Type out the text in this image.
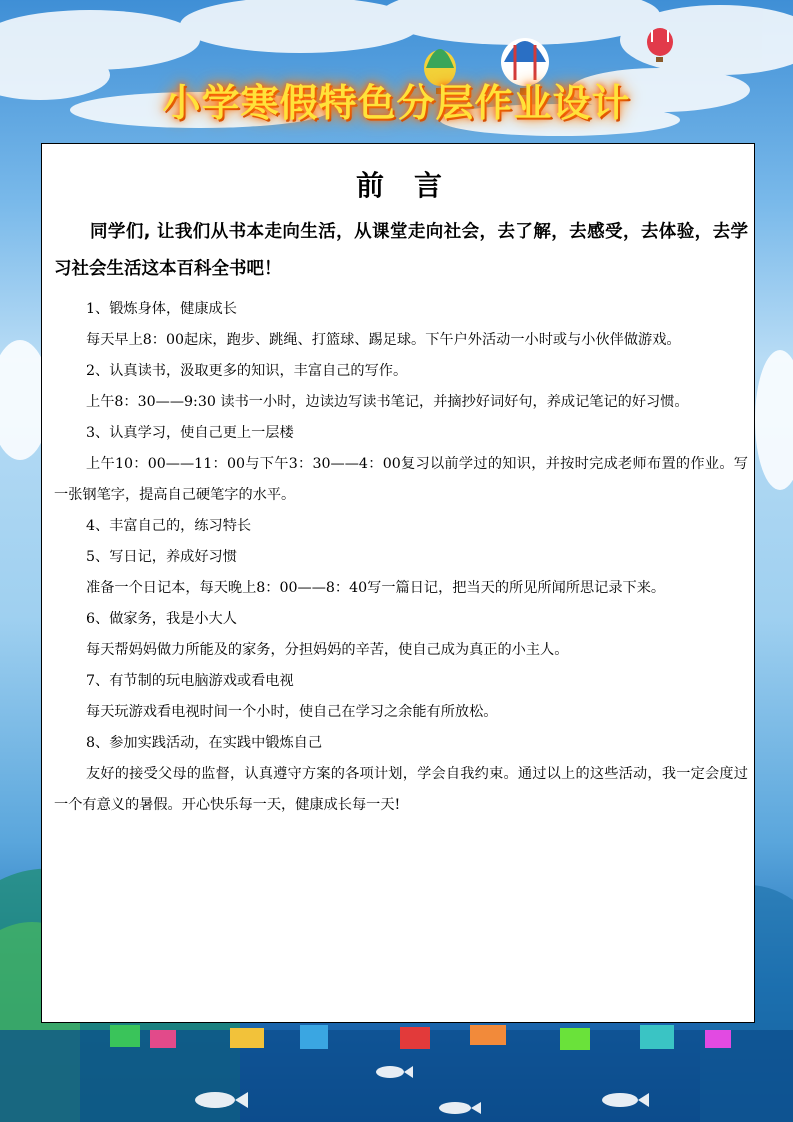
小学寒假特色分层作业设计
前言

同学们, 让我们从书本走向生活，从课堂走向社会，去了解，去感受，去体验，去学习社会生活这本百科全书吧！

1、锻炼身体，健康成长

每天早上8：00起床，跑步、跳绳、打篮球、踢足球。下午户外活动一小时或与小伙伴做游戏。

2、认真读书，汲取更多的知识，丰富自己的写作。

上午8：30——9:30 读书一小时，边读边写读书笔记，并摘抄好词好句，养成记笔记的好习惯。

3、认真学习，使自己更上一层楼

上午10：00——11：00与下午3：30——4：00复习以前学过的知识，并按时完成老师布置的作业。写一张钢笔字，提高自己硬笔字的水平。

4、丰富自己的，练习特长

5、写日记，养成好习惯

准备一个日记本，每天晚上8：00——8：40写一篇日记，把当天的所见所闻所思记录下来。

6、做家务，我是小大人

每天帮妈妈做力所能及的家务，分担妈妈的辛苦，使自己成为真正的小主人。

7、有节制的玩电脑游戏或看电视

每天玩游戏看电视时间一个小时，使自己在学习之余能有所放松。

8、参加实践活动，在实践中锻炼自己

友好的接受父母的监督，认真遵守方案的各项计划，学会自我约束。通过以上的这些活动，我一定会度过一个有意义的暑假。开心快乐每一天，健康成长每一天!
